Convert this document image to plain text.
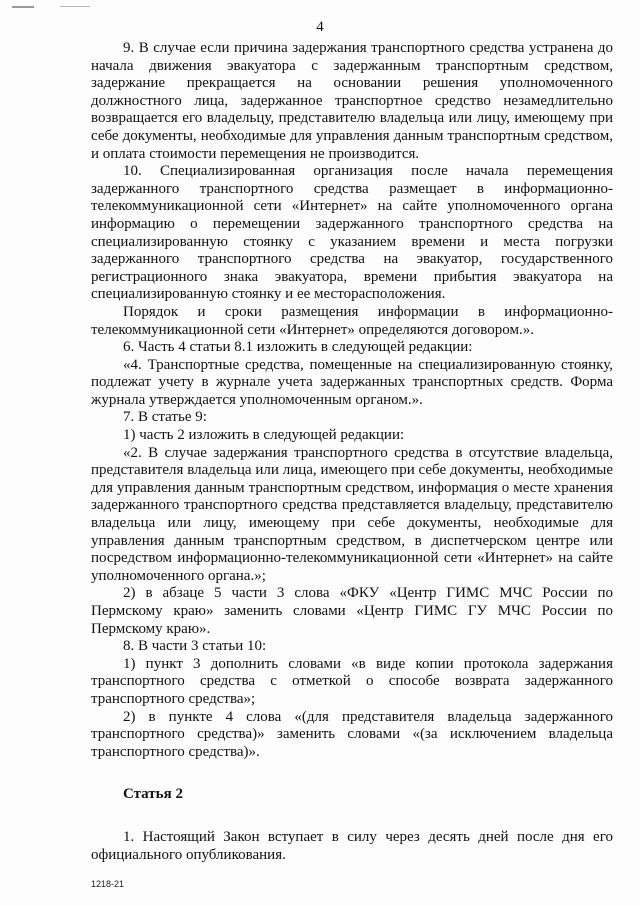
4

9. В случае если причина задержания транспортного средства устранена до начала движения эвакуатора с задержанным транспортным средством, задержание прекращается на основании решения уполномоченного должностного лица, задержанное транспортное средство незамедлительно возвращается его владельцу, представителю владельца или лицу, имеющему при себе документы, необходимые для управления данным транспортным средством, и оплата стоимости перемещения не производится.

10. Специализированная организация после начала перемещения задержанного транспортного средства размещает в информационно-телекоммуникационной сети «Интернет» на сайте уполномоченного органа информацию о перемещении задержанного транспортного средства на специализированную стоянку с указанием времени и места погрузки задержанного транспортного средства на эвакуатор, государственного регистрационного знака эвакуатора, времени прибытия эвакуатора на специализированную стоянку и ее месторасположения.

Порядок и сроки размещения информации в информационно-телекоммуникационной сети «Интернет» определяются договором.».

6. Часть 4 статьи 8.1 изложить в следующей редакции:

«4. Транспортные средства, помещенные на специализированную стоянку, подлежат учету в журнале учета задержанных транспортных средств. Форма журнала утверждается уполномоченным органом.».

7. В статье 9:

1) часть 2 изложить в следующей редакции:

«2. В случае задержания транспортного средства в отсутствие владельца, представителя владельца или лица, имеющего при себе документы, необходимые для управления данным транспортным средством, информация о месте хранения задержанного транспортного средства представляется владельцу, представителю владельца или лицу, имеющему при себе документы, необходимые для управления данным транспортным средством, в диспетчерском центре или посредством информационно-телекоммуникационной сети «Интернет» на сайте уполномоченного органа.»;

2) в абзаце 5 части 3 слова «ФКУ «Центр ГИМС МЧС России по Пермскому краю» заменить словами «Центр ГИМС ГУ МЧС России по Пермскому краю».

8. В части 3 статьи 10:

1) пункт 3 дополнить словами «в виде копии протокола задержания транспортного средства с отметкой о способе возврата задержанного транспортного средства»;

2) в пункте 4 слова «(для представителя владельца задержанного транспортного средства)» заменить словами «(за исключением владельца транспортного средства)».

Статья 2

1. Настоящий Закон вступает в силу через десять дней после дня его официального опубликования.

1218-21
